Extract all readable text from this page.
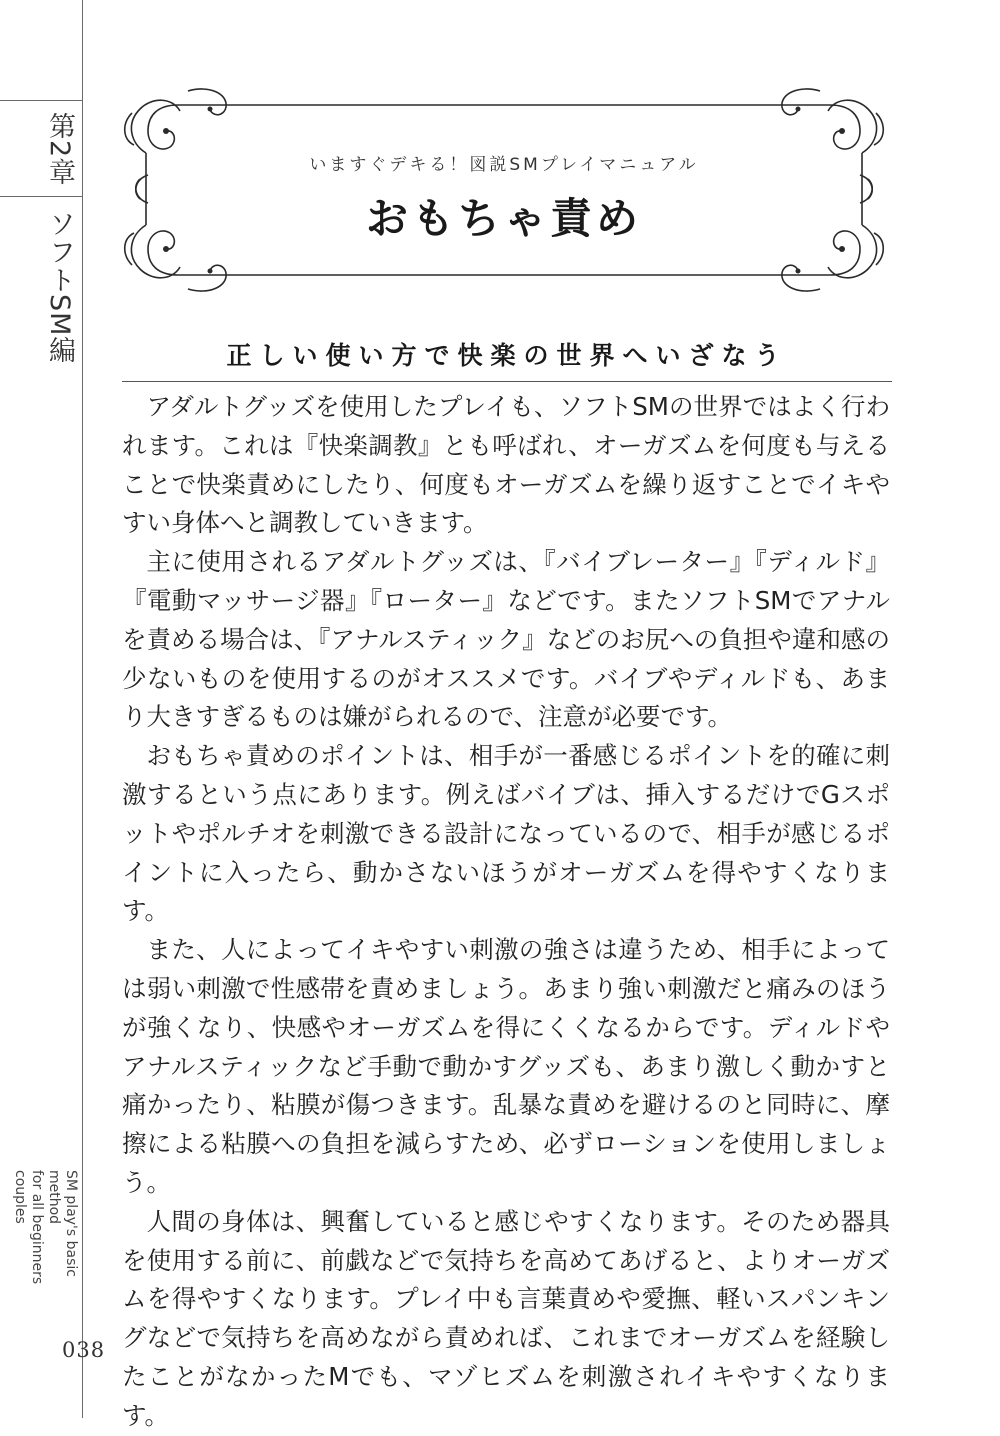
第2章
ソフトSM編
SM play's basic method
for all beginners couples
038
いますぐデキる！図説SMプレイマニュアル
おもちゃ責め
正しい使い方で快楽の世界へいざなう

アダルトグッズを使用したプレイも、ソフトSMの世界ではよく行われます。これは『快楽調教』とも呼ばれ、オーガズムを何度も与えることで快楽責めにしたり、何度もオーガズムを繰り返すことでイキやすい身体へと調教していきます。

主に使用されるアダルトグッズは、『バイブレーター』『ディルド』『電動マッサージ器』『ローター』などです。またソフトSMでアナルを責める場合は、『アナルスティック』などのお尻への負担や違和感の少ないものを使用するのがオススメです。バイブやディルドも、あまり大きすぎるものは嫌がられるので、注意が必要です。

おもちゃ責めのポイントは、相手が一番感じるポイントを的確に刺激するという点にあります。例えばバイブは、挿入するだけでGスポットやポルチオを刺激できる設計になっているので、相手が感じるポイントに入ったら、動かさないほうがオーガズムを得やすくなります。

また、人によってイキやすい刺激の強さは違うため、相手によっては弱い刺激で性感帯を責めましょう。あまり強い刺激だと痛みのほうが強くなり、快感やオーガズムを得にくくなるからです。ディルドやアナルスティックなど手動で動かすグッズも、あまり激しく動かすと痛かったり、粘膜が傷つきます。乱暴な責めを避けるのと同時に、摩擦による粘膜への負担を減らすため、必ずローションを使用しましょう。

人間の身体は、興奮していると感じやすくなります。そのため器具を使用する前に、前戯などで気持ちを高めてあげると、よりオーガズムを得やすくなります。プレイ中も言葉責めや愛撫、軽いスパンキングなどで気持ちを高めながら責めれば、これまでオーガズムを経験したことがなかったMでも、マゾヒズムを刺激されイキやすくなります。
